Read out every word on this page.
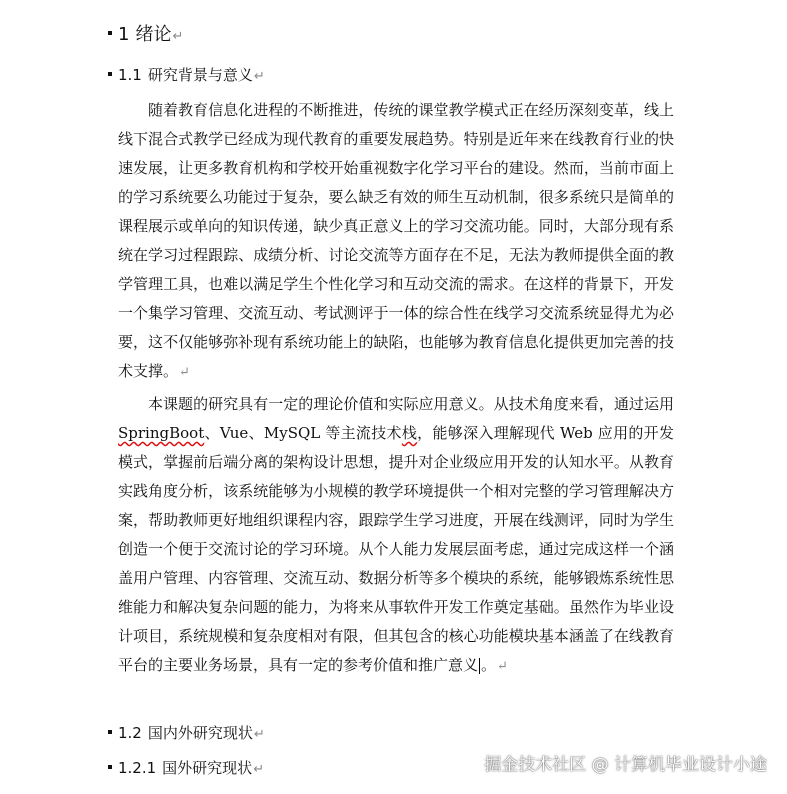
1 绪论↵
1.1 研究背景与意义↵
随着教育信息化进程的不断推进，传统的课堂教学模式正在经历深刻变革，线上线下混合式教学已经成为现代教育的重要发展趋势。特别是近年来在线教育行业的快速发展，让更多教育机构和学校开始重视数字化学习平台的建设。然而，当前市面上的学习系统要么功能过于复杂，要么缺乏有效的师生互动机制，很多系统只是简单的课程展示或单向的知识传递，缺少真正意义上的学习交流功能。同时，大部分现有系统在学习过程跟踪、成绩分析、讨论交流等方面存在不足，无法为教师提供全面的教学管理工具，也难以满足学生个性化学习和互动交流的需求。在这样的背景下，开发一个集学习管理、交流互动、考试测评于一体的综合性在线学习交流系统显得尤为必要，这不仅能够弥补现有系统功能上的缺陷，也能够为教育信息化提供更加完善的技术支撑。↵
本课题的研究具有一定的理论价值和实际应用意义。从技术角度来看，通过运用 SpringBoot、Vue、MySQL 等主流技术栈，能够深入理解现代 Web 应用的开发模式，掌握前后端分离的架构设计思想，提升对企业级应用开发的认知水平。从教育实践角度分析，该系统能够为小规模的教学环境提供一个相对完整的学习管理解决方案，帮助教师更好地组织课程内容，跟踪学生学习进度，开展在线测评，同时为学生创造一个便于交流讨论的学习环境。从个人能力发展层面考虑，通过完成这样一个涵盖用户管理、内容管理、交流互动、数据分析等多个模块的系统，能够锻炼系统性思维能力和解决复杂问题的能力，为将来从事软件开发工作奠定基础。虽然作为毕业设计项目，系统规模和复杂度相对有限，但其包含的核心功能模块基本涵盖了在线教育平台的主要业务场景，具有一定的参考价值和推广意义 。↵
1.2 国内外研究现状↵
1.2.1 国外研究现状↵	掘金技术社区 @ 计算机毕业设计小途
